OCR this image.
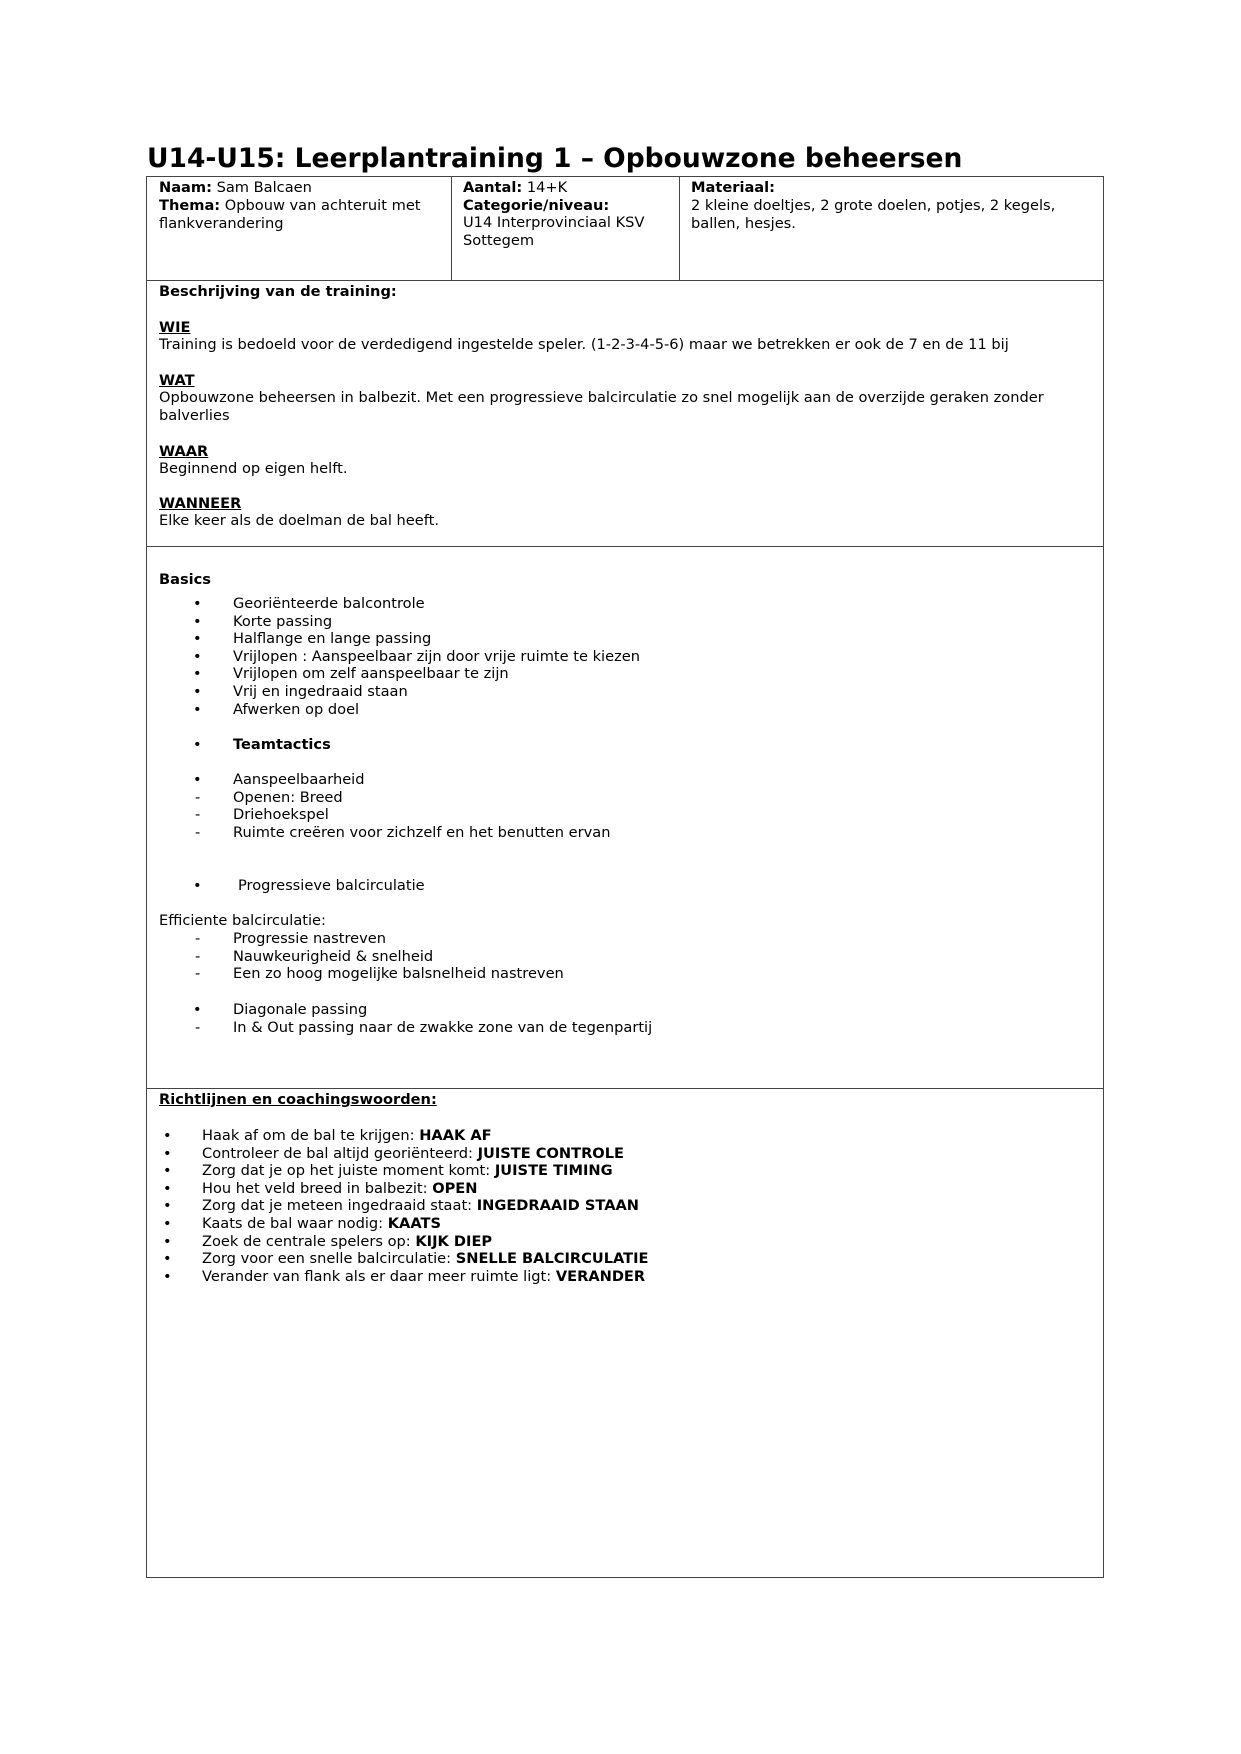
U14-U15: Leerplantraining 1 – Opbouwzone beheersen
Naam: Sam Balcaen
Thema: Opbouw van achteruit met flankverandering
Aantal: 14+K
Categorie/niveau:
U14 Interprovinciaal KSV Sottegem
Materiaal:
2 kleine doeltjes, 2 grote doelen, potjes, 2 kegels, ballen, hesjes.
Beschrijving van de training:
WIE
Training is bedoeld voor de verdedigend ingestelde speler. (1-2-3-4-5-6) maar we betrekken er ook de 7 en de 11 bij
WAT
Opbouwzone beheersen in balbezit. Met een progressieve balcirculatie zo snel mogelijk aan de overzijde geraken zonder
balverlies
WAAR
Beginnend op eigen helft.
WANNEER
Elke keer als de doelman de bal heeft.
Basics
• Georiënteerde balcontrole
• Korte passing
• Halflange en lange passing
• Vrijlopen : Aanspeelbaar zijn door vrije ruimte te kiezen
• Vrijlopen om zelf aanspeelbaar te zijn
• Vrij en ingedraaid staan
• Afwerken op doel
• Teamtactics
• Aanspeelbaarheid
- Openen: Breed
- Driehoekspel
- Ruimte creëren voor zichzelf en het benutten ervan
• Progressieve balcirculatie
Efficiente balcirculatie:
- Progressie nastreven
- Nauwkeurigheid & snelheid
- Een zo hoog mogelijke balsnelheid nastreven
• Diagonale passing
- In & Out passing naar de zwakke zone van de tegenpartij
Richtlijnen en coachingswoorden:
• Haak af om de bal te krijgen: HAAK AF
• Controleer de bal altijd georiënteerd: JUISTE CONTROLE
• Zorg dat je op het juiste moment komt: JUISTE TIMING
• Hou het veld breed in balbezit: OPEN
• Zorg dat je meteen ingedraaid staat: INGEDRAAID STAAN
• Kaats de bal waar nodig: KAATS
• Zoek de centrale spelers op: KIJK DIEP
• Zorg voor een snelle balcirculatie: SNELLE BALCIRCULATIE
• Verander van flank als er daar meer ruimte ligt: VERANDER
